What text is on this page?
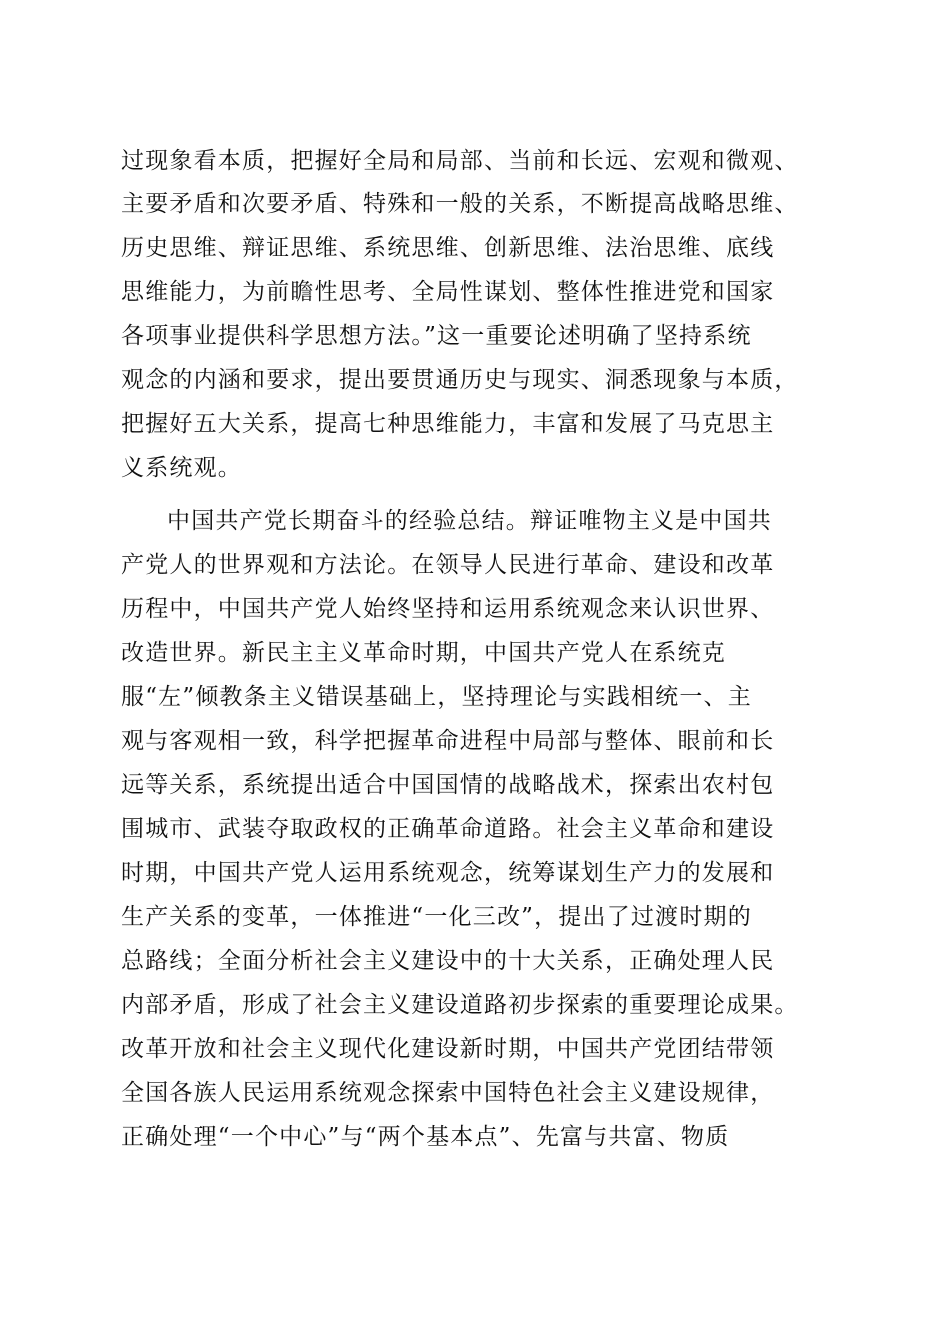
过现象看本质，把握好全局和局部、当前和长远、宏观和微观、
主要矛盾和次要矛盾、特殊和一般的关系，不断提高战略思维、
历史思维、辩证思维、系统思维、创新思维、法治思维、底线
思维能力，为前瞻性思考、全局性谋划、整体性推进党和国家
各项事业提供科学思想方法。”这一重要论述明确了坚持系统
观念的内涵和要求，提出要贯通历史与现实、洞悉现象与本质，
把握好五大关系，提高七种思维能力，丰富和发展了马克思主
义系统观。
中国共产党长期奋斗的经验总结。辩证唯物主义是中国共
产党人的世界观和方法论。在领导人民进行革命、建设和改革
历程中，中国共产党人始终坚持和运用系统观念来认识世界、
改造世界。新民主主义革命时期，中国共产党人在系统克
服“左”倾教条主义错误基础上，坚持理论与实践相统一、主
观与客观相一致，科学把握革命进程中局部与整体、眼前和长
远等关系，系统提出适合中国国情的战略战术，探索出农村包
围城市、武装夺取政权的正确革命道路。社会主义革命和建设
时期，中国共产党人运用系统观念，统筹谋划生产力的发展和
生产关系的变革，一体推进“一化三改”，提出了过渡时期的
总路线；全面分析社会主义建设中的十大关系，正确处理人民
内部矛盾，形成了社会主义建设道路初步探索的重要理论成果。
改革开放和社会主义现代化建设新时期，中国共产党团结带领
全国各族人民运用系统观念探索中国特色社会主义建设规律，
正确处理“一个中心”与“两个基本点”、先富与共富、物质
